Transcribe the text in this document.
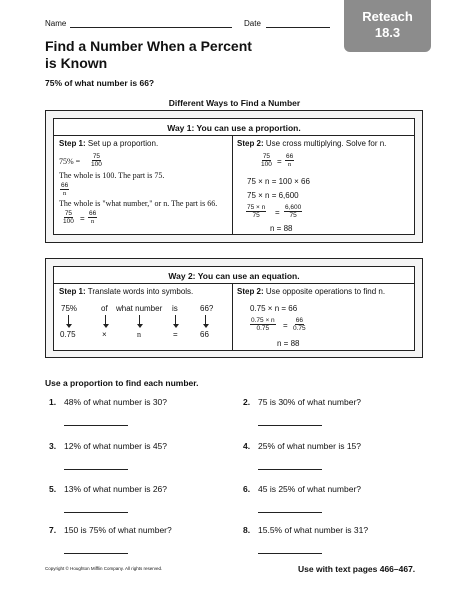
Name	Date	Reteach
18.3
Find a Number When a Percent
is Known
75% of what number is 66?
Different Ways to Find a Number
Way 1: You can use a proportion.
Step 1: Set up a proportion.
$75\% = \frac{75}{100}$
The whole is 100. The part is 75.
$\frac{66}{n}$
The whole is "what number," or n. The part is 66.
$\frac{75}{100} = \frac{66}{n}$
Step 2: Use cross multiplying. Solve for n.
$\frac{75}{100} = \frac{66}{n}$
75 × n = 100 × 66
75 × n = 6,600
$\frac{75 \times n}{75} = \frac{6,600}{75}$
n = 88
Way 2: You can use an equation.
Step 1: Translate words into symbols.
75%	of what number is	66?
0.75	×	n	=	66
Step 2: Use opposite operations to find n.
0.75 × n = 66
$\frac{0.75 \times n}{0.75} = \frac{66}{0.75}$
n = 88
Use a proportion to find each number.
1. 48% of what number is 30?	2. 75 is 30% of what number?
3. 12% of what number is 45?	4. 25% of what number is 15?
5. 13% of what number is 26?	6. 45 is 25% of what number?
7. 150 is 75% of what number?	8. 15.5% of what number is 31?
Copyright © Houghton Mifflin Company. All rights reserved.	Use with text pages 466–467.
